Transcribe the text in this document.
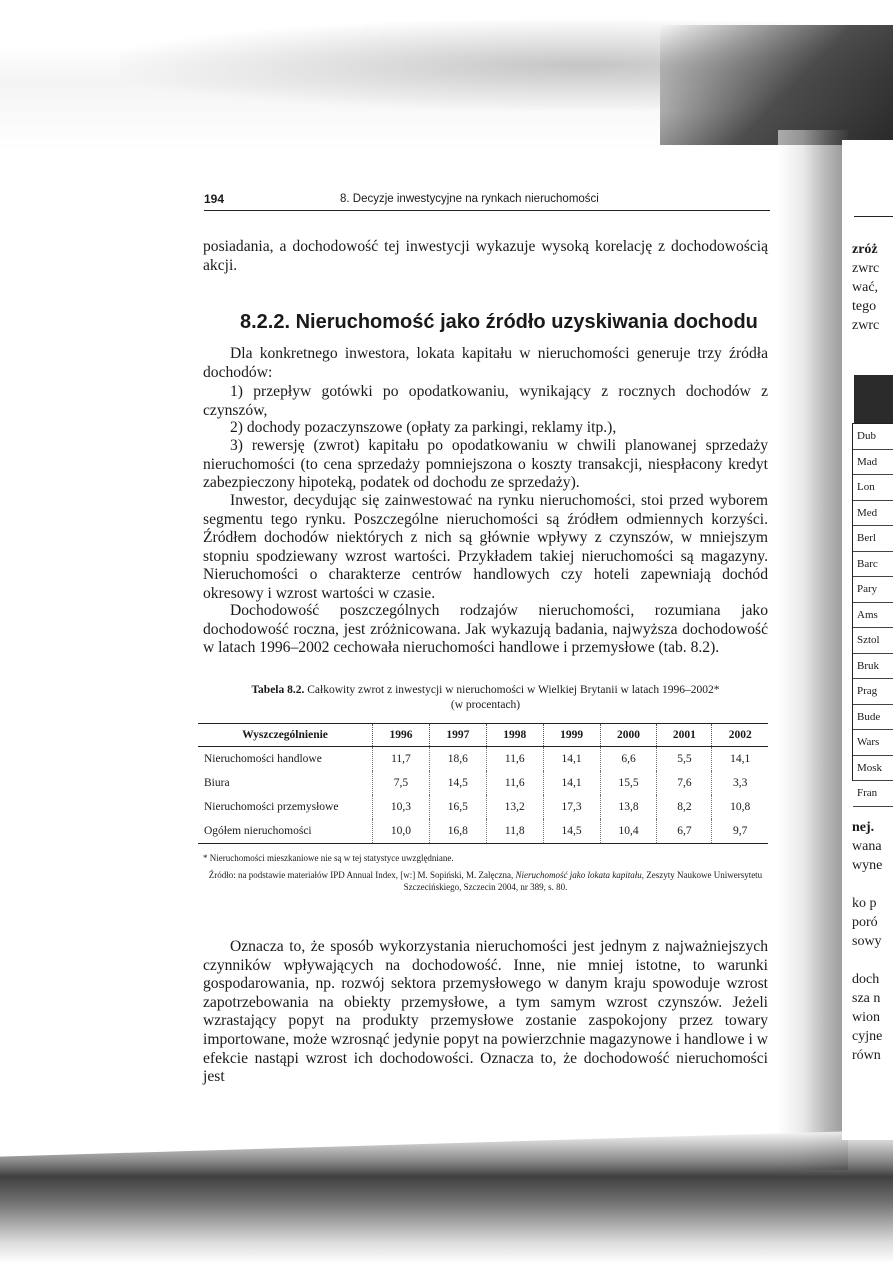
zróż
zwrc
wać,
tego
zwrc
Dub
Mad
Lon
Med
Berl
Barc
Pary
Ams
Sztol
Bruk
Prag
Bude
Wars
Mosk
Fran
nej.
wana
wyne
ko p
poró
sowy
doch
sza n
wion
cyjne
równ
194	8. Decyzje inwestycyjne na rynkach nieruchomości

posiadania, a dochodowość tej inwestycji wykazuje wysoką korelację z dochodowością akcji.

8.2.2. Nieruchomość jako źródło uzyskiwania dochodu

Dla konkretnego inwestora, lokata kapitału w nieruchomości generuje trzy źródła dochodów:

1) przepływ gotówki po opodatkowaniu, wynikający z rocznych dochodów z czynszów,

2) dochody pozaczynszowe (opłaty za parkingi, reklamy itp.),

3) rewersję (zwrot) kapitału po opodatkowaniu w chwili planowanej sprzedaży nieruchomości (to cena sprzedaży pomniejszona o koszty transakcji, niespłacony kredyt zabezpieczony hipoteką, podatek od dochodu ze sprzedaży).

Inwestor, decydując się zainwestować na rynku nieruchomości, stoi przed wyborem segmentu tego rynku. Poszczególne nieruchomości są źródłem odmiennych korzyści. Źródłem dochodów niektórych z nich są głównie wpływy z czynszów, w mniejszym stopniu spodziewany wzrost wartości. Przykładem takiej nieruchomości są magazyny. Nieruchomości o charakterze centrów handlowych czy hoteli zapewniają dochód okresowy i wzrost wartości w czasie.

Dochodowość poszczególnych rodzajów nieruchomości, rozumiana jako dochodowość roczna, jest zróżnicowana. Jak wykazują badania, najwyższa dochodowość w latach 1996–2002 cechowała nieruchomości handlowe i przemysłowe (tab. 8.2).

Tabela 8.2. Całkowity zwrot z inwestycji w nieruchomości w Wielkiej Brytanii w latach 1996–2002*
(w procentach)
Wyszczególnienie	1996	1997	1998	1999	2000	2001	2002
Nieruchomości handlowe	11,7	18,6	11,6	14,1	6,6	5,5	14,1
Biura	7,5	14,5	11,6	14,1	15,5	7,6	3,3
Nieruchomości przemysłowe	10,3	16,5	13,2	17,3	13,8	8,2	10,8
Ogółem nieruchomości	10,0	16,8	11,8	14,5	10,4	6,7	9,7
* Nieruchomości mieszkaniowe nie są w tej statystyce uwzględniane.
Źródło: na podstawie materiałów IPD Annual Index, [w:] M. Sopiński, M. Zalęczna, Nieruchomość jako lokata kapitału, Zeszyty Naukowe Uniwersytetu Szczecińskiego, Szczecin 2004, nr 389, s. 80.

Oznacza to, że sposób wykorzystania nieruchomości jest jednym z najważniejszych czynników wpływających na dochodowość. Inne, nie mniej istotne, to warunki gospodarowania, np. rozwój sektora przemysłowego w danym kraju spowoduje wzrost zapotrzebowania na obiekty przemysłowe, a tym samym wzrost czynszów. Jeżeli wzrastający popyt na produkty przemysłowe zostanie zaspokojony przez towary importowane, może wzrosnąć jedynie popyt na powierzchnie magazynowe i handlowe i w efekcie nastąpi wzrost ich dochodowości. Oznacza to, że dochodowość nieruchomości jest
